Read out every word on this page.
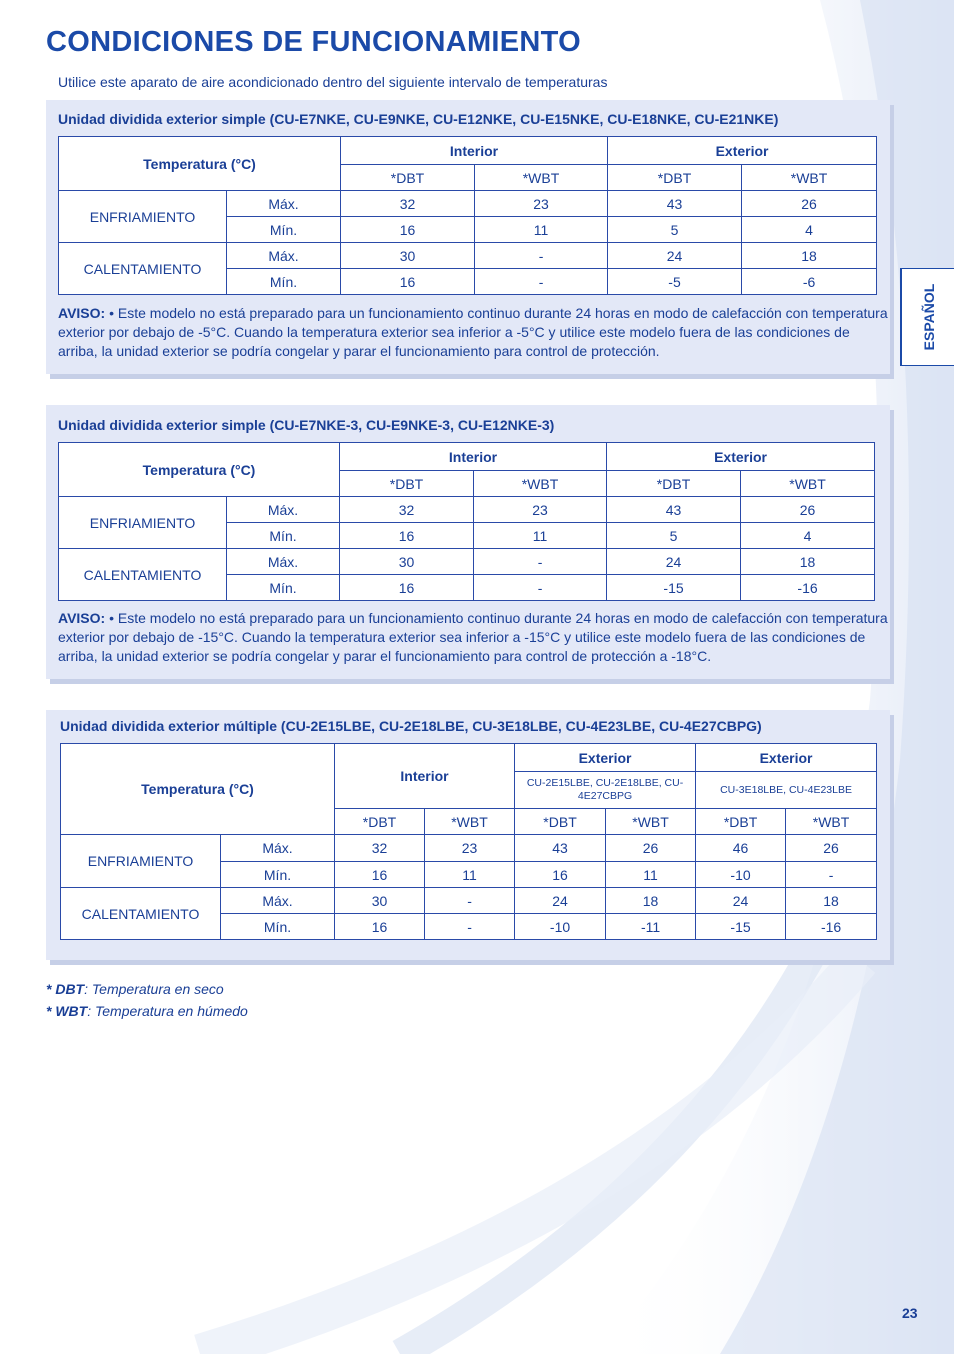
CONDICIONES DE FUNCIONAMIENTO
Utilice este aparato de aire acondicionado dentro del siguiente intervalo de temperaturas
ESPAÑOL
Unidad dividida exterior simple (CU-E7NKE, CU-E9NKE, CU-E12NKE, CU-E15NKE, CU-E18NKE, CU-E21NKE)
Temperatura (°C)		Interior		Exterior	
		*DBT	*WBT	*DBT	*WBT
ENFRIAMIENTO	Máx.	32	23	43	26
	Mín.	16	11	5	4
CALENTAMIENTO	Máx.	30	-	24	18
	Mín.	16	-	-5	-6
AVISO: • Este modelo no está preparado para un funcionamiento continuo durante 24 horas en modo de calefacción con temperatura exterior por debajo de -5°C. Cuando la temperatura exterior sea inferior a -5°C y utilice este modelo fuera de las condiciones de arriba, la unidad exterior se podría congelar y parar el funcionamiento para control de protección.
Unidad dividida exterior simple (CU-E7NKE-3, CU-E9NKE-3, CU-E12NKE-3)
Temperatura (°C)		Interior		Exterior	
		*DBT	*WBT	*DBT	*WBT
ENFRIAMIENTO	Máx.	32	23	43	26
	Mín.	16	11	5	4
CALENTAMIENTO	Máx.	30	-	24	18
	Mín.	16	-	-15	-16
AVISO: • Este modelo no está preparado para un funcionamiento continuo durante 24 horas en modo de calefacción con temperatura exterior por debajo de -15°C. Cuando la temperatura exterior sea inferior a -15°C y utilice este modelo fuera de las condiciones de arriba, la unidad exterior se podría congelar y parar el funcionamiento para control de protección a -18°C.
Unidad dividida exterior múltiple (CU-2E15LBE, CU-2E18LBE, CU-3E18LBE, CU-4E23LBE, CU-4E27CBPG)
Temperatura (°C)		Interior		Exterior		Exterior	
				CU-2E15LBE, CU-2E18LBE, CU-4E27CBPG		CU-3E18LBE, CU-4E23LBE	
		*DBT	*WBT	*DBT	*WBT	*DBT	*WBT
ENFRIAMIENTO	Máx.	32	23	43	26	46	26
	Mín.	16	11	16	11	-10	-
CALENTAMIENTO	Máx.	30	-	24	18	24	18
	Mín.	16	-	-10	-11	-15	-16
* DBT: Temperatura en seco
* WBT: Temperatura en húmedo
23
